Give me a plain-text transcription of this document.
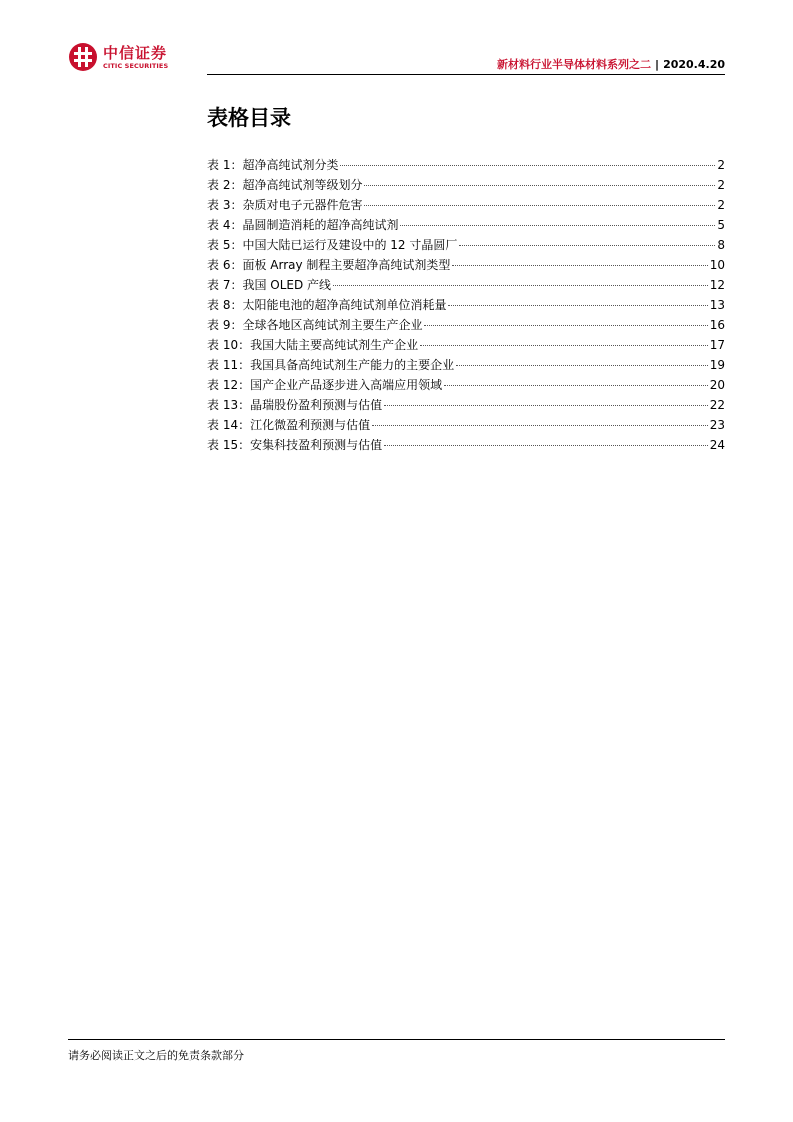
中信证券
CITIC SECURITIES	新材料行业半导体材料系列之二 | 2020.4.20
表格目录
表 1：超净高纯试剂分类	2
表 2：超净高纯试剂等级划分	2
表 3：杂质对电子元器件危害	2
表 4：晶圆制造消耗的超净高纯试剂	5
表 5：中国大陆已运行及建设中的 12 寸晶圆厂	8
表 6：面板 Array 制程主要超净高纯试剂类型	10
表 7：我国 OLED 产线	12
表 8：太阳能电池的超净高纯试剂单位消耗量	13
表 9：全球各地区高纯试剂主要生产企业	16
表 10：我国大陆主要高纯试剂生产企业	17
表 11：我国具备高纯试剂生产能力的主要企业	19
表 12：国产企业产品逐步进入高端应用领域	20
表 13：晶瑞股份盈利预测与估值	22
表 14：江化微盈利预测与估值	23
表 15：安集科技盈利预测与估值	24
请务必阅读正文之后的免责条款部分
